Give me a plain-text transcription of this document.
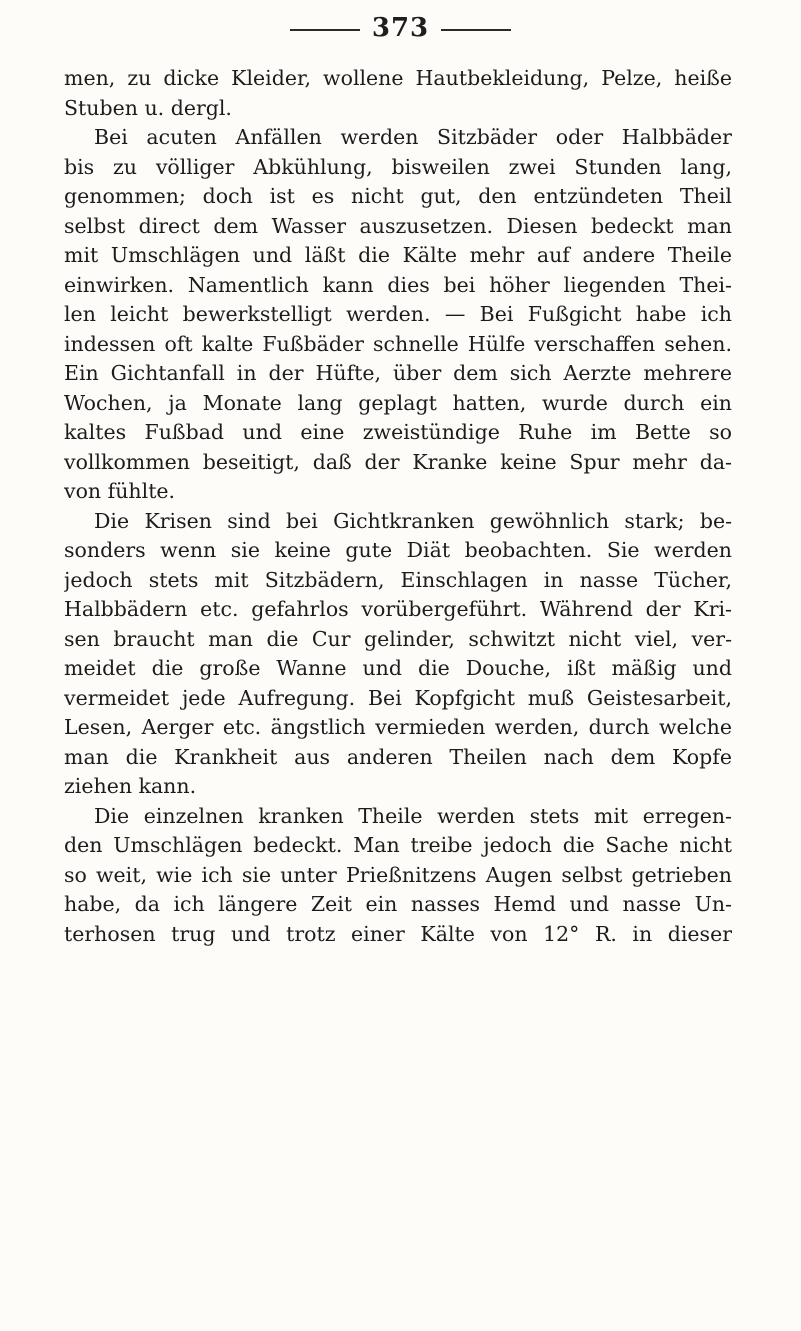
373
men, zu dicke Kleider, wollene Hautbekleidung, Pelze, heiße
Stuben u. dergl.
Bei acuten Anfällen werden Sitzbäder oder Halbbäder
bis zu völliger Abkühlung, bisweilen zwei Stunden lang,
genommen; doch ist es nicht gut, den entzündeten Theil
selbst direct dem Wasser auszusetzen. Diesen bedeckt man
mit Umschlägen und läßt die Kälte mehr auf andere Theile
einwirken. Namentlich kann dies bei höher liegenden Thei-
len leicht bewerkstelligt werden. — Bei Fußgicht habe ich
indessen oft kalte Fußbäder schnelle Hülfe verschaffen sehen.
Ein Gichtanfall in der Hüfte, über dem sich Aerzte mehrere
Wochen, ja Monate lang geplagt hatten, wurde durch ein
kaltes Fußbad und eine zweistündige Ruhe im Bette so
vollkommen beseitigt, daß der Kranke keine Spur mehr da-
von fühlte.
Die Krisen sind bei Gichtkranken gewöhnlich stark; be-
sonders wenn sie keine gute Diät beobachten. Sie werden
jedoch stets mit Sitzbädern, Einschlagen in nasse Tücher,
Halbbädern etc. gefahrlos vorübergeführt. Während der Kri-
sen braucht man die Cur gelinder, schwitzt nicht viel, ver-
meidet die große Wanne und die Douche, ißt mäßig und
vermeidet jede Aufregung. Bei Kopfgicht muß Geistesarbeit,
Lesen, Aerger etc. ängstlich vermieden werden, durch welche
man die Krankheit aus anderen Theilen nach dem Kopfe
ziehen kann.
Die einzelnen kranken Theile werden stets mit erregen-
den Umschlägen bedeckt. Man treibe jedoch die Sache nicht
so weit, wie ich sie unter Prießnitzens Augen selbst getrieben
habe, da ich längere Zeit ein nasses Hemd und nasse Un-
terhosen trug und trotz einer Kälte von 12° R. in dieser
